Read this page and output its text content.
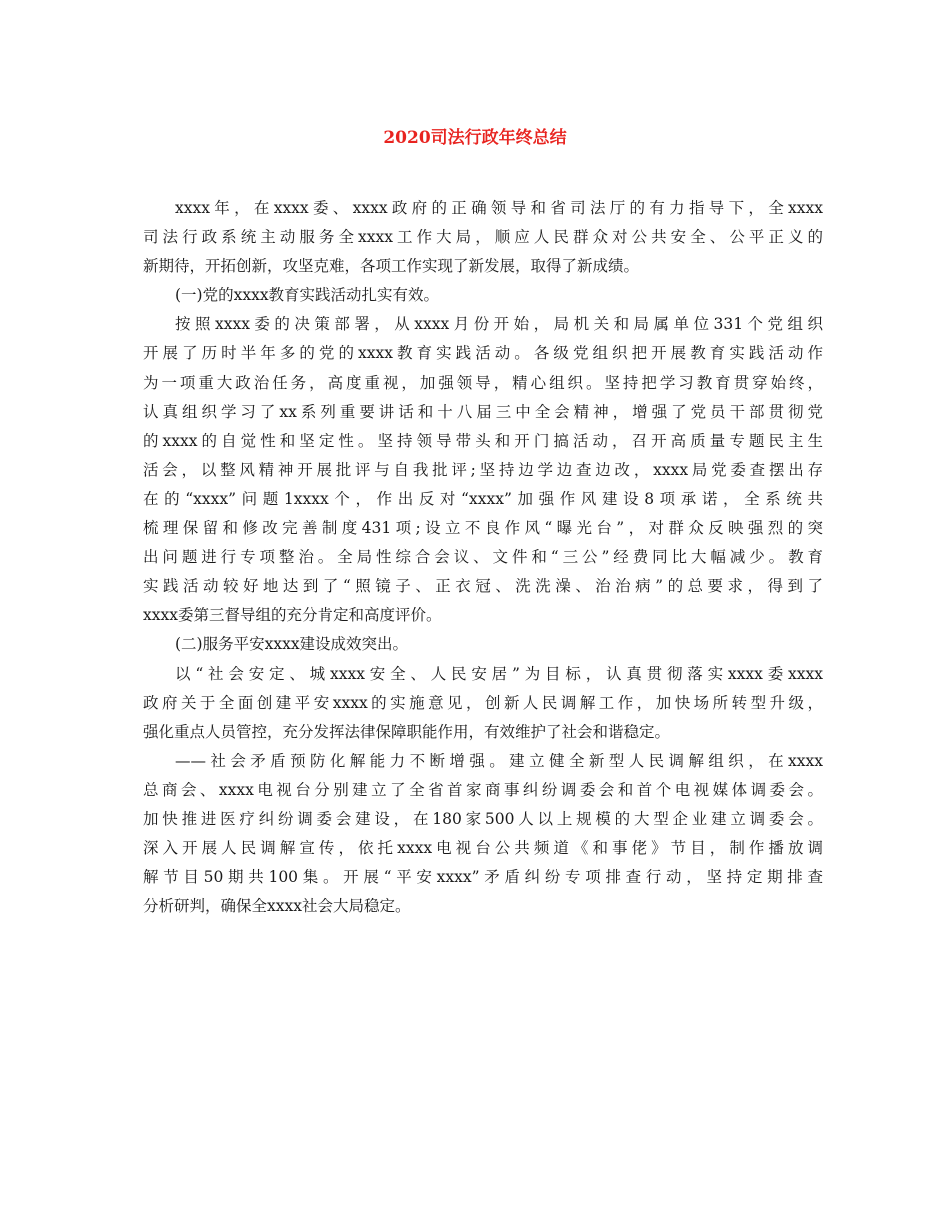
2020司法行政年终总结
xxxx年，在xxxx委、xxxx政府的正确领导和省司法厅的有力指导下，全xxxx
司法行政系统主动服务全xxxx工作大局，顺应人民群众对公共安全、公平正义的
新期待，开拓创新，攻坚克难，各项工作实现了新发展，取得了新成绩。
(一)党的xxxx教育实践活动扎实有效。
按照xxxx委的决策部署，从xxxx月份开始，局机关和局属单位331个党组织
开展了历时半年多的党的xxxx教育实践活动。各级党组织把开展教育实践活动作
为一项重大政治任务，高度重视，加强领导，精心组织。坚持把学习教育贯穿始终，
认真组织学习了xx系列重要讲话和十八届三中全会精神，增强了党员干部贯彻党
的xxxx的自觉性和坚定性。坚持领导带头和开门搞活动，召开高质量专题民主生
活会，以整风精神开展批评与自我批评;坚持边学边查边改，xxxx局党委查摆出存
在的“xxxx”问题1xxxx个，作出反对“xxxx”加强作风建设8项承诺，全系统共
梳理保留和修改完善制度431项;设立不良作风“曝光台”，对群众反映强烈的突
出问题进行专项整治。全局性综合会议、文件和“三公”经费同比大幅减少。教育
实践活动较好地达到了“照镜子、正衣冠、洗洗澡、治治病”的总要求，得到了
xxxx委第三督导组的充分肯定和高度评价。
(二)服务平安xxxx建设成效突出。
以“社会安定、城xxxx安全、人民安居”为目标，认真贯彻落实xxxx委xxxx
政府关于全面创建平安xxxx的实施意见，创新人民调解工作，加快场所转型升级，
强化重点人员管控，充分发挥法律保障职能作用，有效维护了社会和谐稳定。
——社会矛盾预防化解能力不断增强。建立健全新型人民调解组织，在xxxx
总商会、xxxx电视台分别建立了全省首家商事纠纷调委会和首个电视媒体调委会。
加快推进医疗纠纷调委会建设，在180家500人以上规模的大型企业建立调委会。
深入开展人民调解宣传，依托xxxx电视台公共频道《和事佬》节目，制作播放调
解节目50期共100集。开展“平安xxxx”矛盾纠纷专项排查行动，坚持定期排查
分析研判，确保全xxxx社会大局稳定。
